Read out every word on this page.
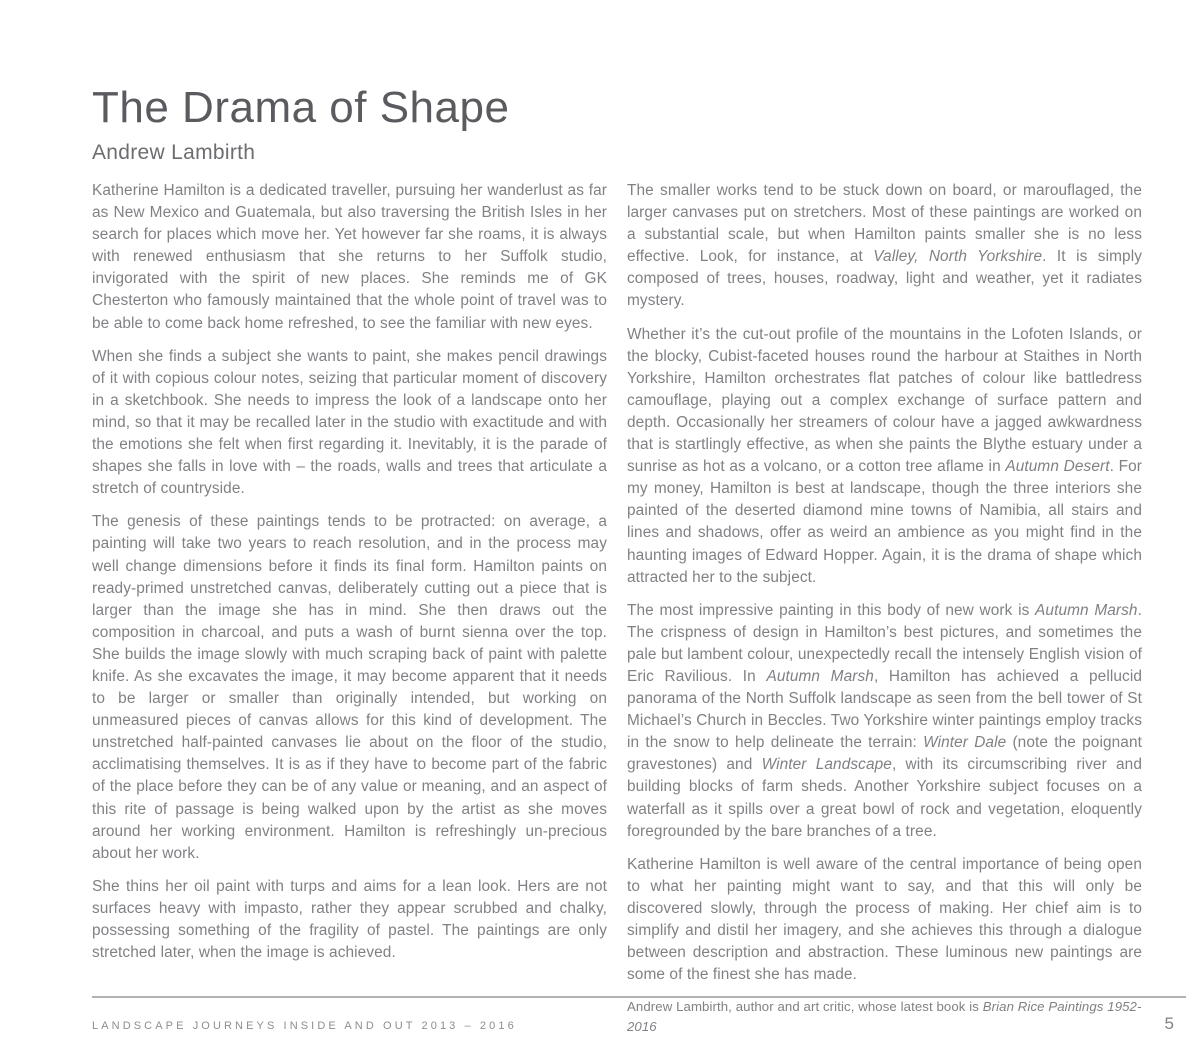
The Drama of Shape
Andrew Lambirth

Katherine Hamilton is a dedicated traveller, pursuing her wanderlust as far as New Mexico and Guatemala, but also traversing the British Isles in her search for places which move her. Yet however far she roams, it is always with renewed enthusiasm that she returns to her Suffolk studio, invigorated with the spirit of new places. She reminds me of GK Chesterton who famously maintained that the whole point of travel was to be able to come back home refreshed, to see the familiar with new eyes.

When she finds a subject she wants to paint, she makes pencil drawings of it with copious colour notes, seizing that particular moment of discovery in a sketchbook. She needs to impress the look of a landscape onto her mind, so that it may be recalled later in the studio with exactitude and with the emotions she felt when first regarding it. Inevitably, it is the parade of shapes she falls in love with – the roads, walls and trees that articulate a stretch of countryside.

The genesis of these paintings tends to be protracted: on average, a painting will take two years to reach resolution, and in the process may well change dimensions before it finds its final form. Hamilton paints on ready-primed unstretched canvas, deliberately cutting out a piece that is larger than the image she has in mind. She then draws out the composition in charcoal, and puts a wash of burnt sienna over the top. She builds the image slowly with much scraping back of paint with palette knife. As she excavates the image, it may become apparent that it needs to be larger or smaller than originally intended, but working on unmeasured pieces of canvas allows for this kind of development. The unstretched half-painted canvases lie about on the floor of the studio, acclimatising themselves. It is as if they have to become part of the fabric of the place before they can be of any value or meaning, and an aspect of this rite of passage is being walked upon by the artist as she moves around her working environment. Hamilton is refreshingly un-precious about her work.

She thins her oil paint with turps and aims for a lean look. Hers are not surfaces heavy with impasto, rather they appear scrubbed and chalky, possessing something of the fragility of pastel. The paintings are only stretched later, when the image is achieved.

The smaller works tend to be stuck down on board, or marouflaged, the larger canvases put on stretchers. Most of these paintings are worked on a substantial scale, but when Hamilton paints smaller she is no less effective. Look, for instance, at Valley, North Yorkshire. It is simply composed of trees, houses, roadway, light and weather, yet it radiates mystery.

Whether it’s the cut-out profile of the mountains in the Lofoten Islands, or the blocky, Cubist-faceted houses round the harbour at Staithes in North Yorkshire, Hamilton orchestrates flat patches of colour like battledress camouflage, playing out a complex exchange of surface pattern and depth. Occasionally her streamers of colour have a jagged awkwardness that is startlingly effective, as when she paints the Blythe estuary under a sunrise as hot as a volcano, or a cotton tree aflame in Autumn Desert. For my money, Hamilton is best at landscape, though the three interiors she painted of the deserted diamond mine towns of Namibia, all stairs and lines and shadows, offer as weird an ambience as you might find in the haunting images of Edward Hopper. Again, it is the drama of shape which attracted her to the subject.

The most impressive painting in this body of new work is Autumn Marsh. The crispness of design in Hamilton’s best pictures, and sometimes the pale but lambent colour, unexpectedly recall the intensely English vision of Eric Ravilious. In Autumn Marsh, Hamilton has achieved a pellucid panorama of the North Suffolk landscape as seen from the bell tower of St Michael’s Church in Beccles. Two Yorkshire winter paintings employ tracks in the snow to help delineate the terrain: Winter Dale (note the poignant gravestones) and Winter Landscape, with its circumscribing river and building blocks of farm sheds. Another Yorkshire subject focuses on a waterfall as it spills over a great bowl of rock and vegetation, eloquently foregrounded by the bare branches of a tree.

Katherine Hamilton is well aware of the central importance of being open to what her painting might want to say, and that this will only be discovered slowly, through the process of making. Her chief aim is to simplify and distil her imagery, and she achieves this through a dialogue between description and abstraction. These luminous new paintings are some of the finest she has made.

Andrew Lambirth, author and art critic, whose latest book is Brian Rice Paintings 1952-2016

LANDSCAPE JOURNEYS INSIDE AND OUT 2013 – 2016	5
